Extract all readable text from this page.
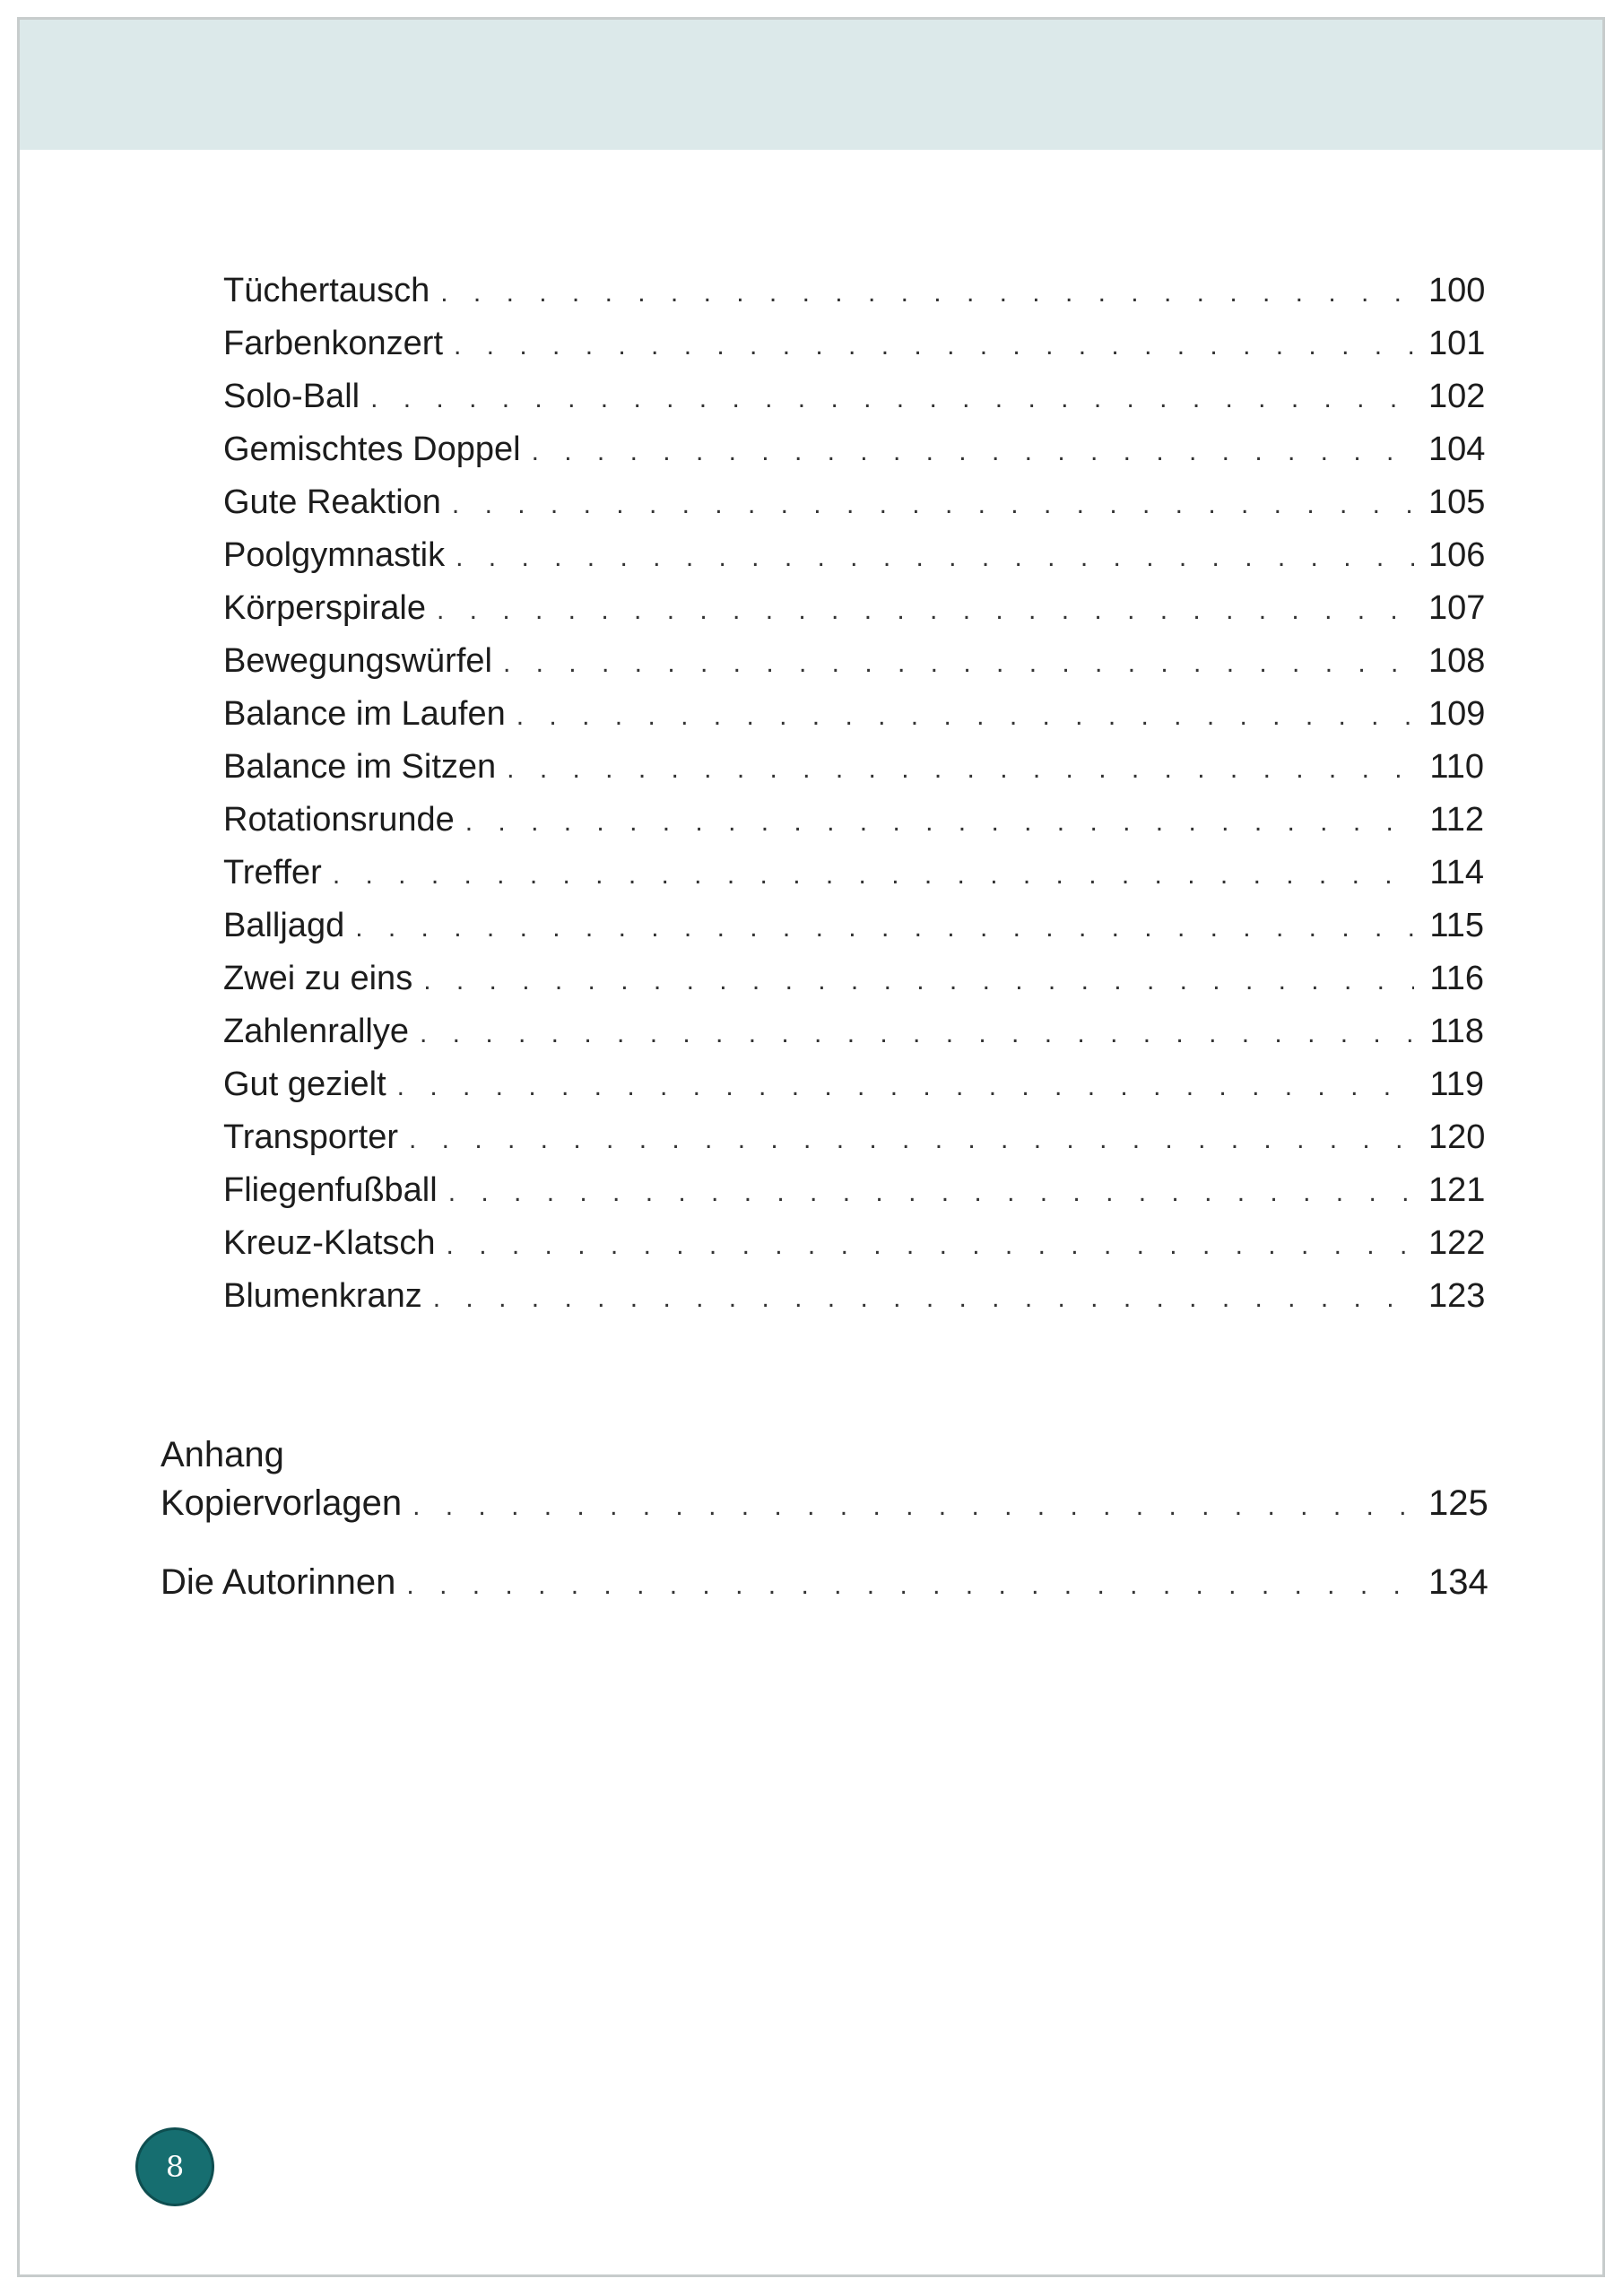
Tüchertausch . . .	100
Farbenkonzert . . .	101
Solo-Ball . . .	102
Gemischtes Doppel . . .	104
Gute Reaktion . . .	105
Poolgymnastik . . .	106
Körperspirale . . .	107
Bewegungswürfel . . .	108
Balance im Laufen . . .	109
Balance im Sitzen . . .	110
Rotationsrunde . . .	112
Treffer . . .	114
Balljagd . . .	115
Zwei zu eins . . .	116
Zahlenrallye . . .	118
Gut gezielt . . .	119
Transporter . . .	120
Fliegenfußball . . .	121
Kreuz-Klatsch . . .	122
Blumenkranz . . .	123
Anhang
Kopiervorlagen . . .	125
Die Autorinnen . . .	134
8
